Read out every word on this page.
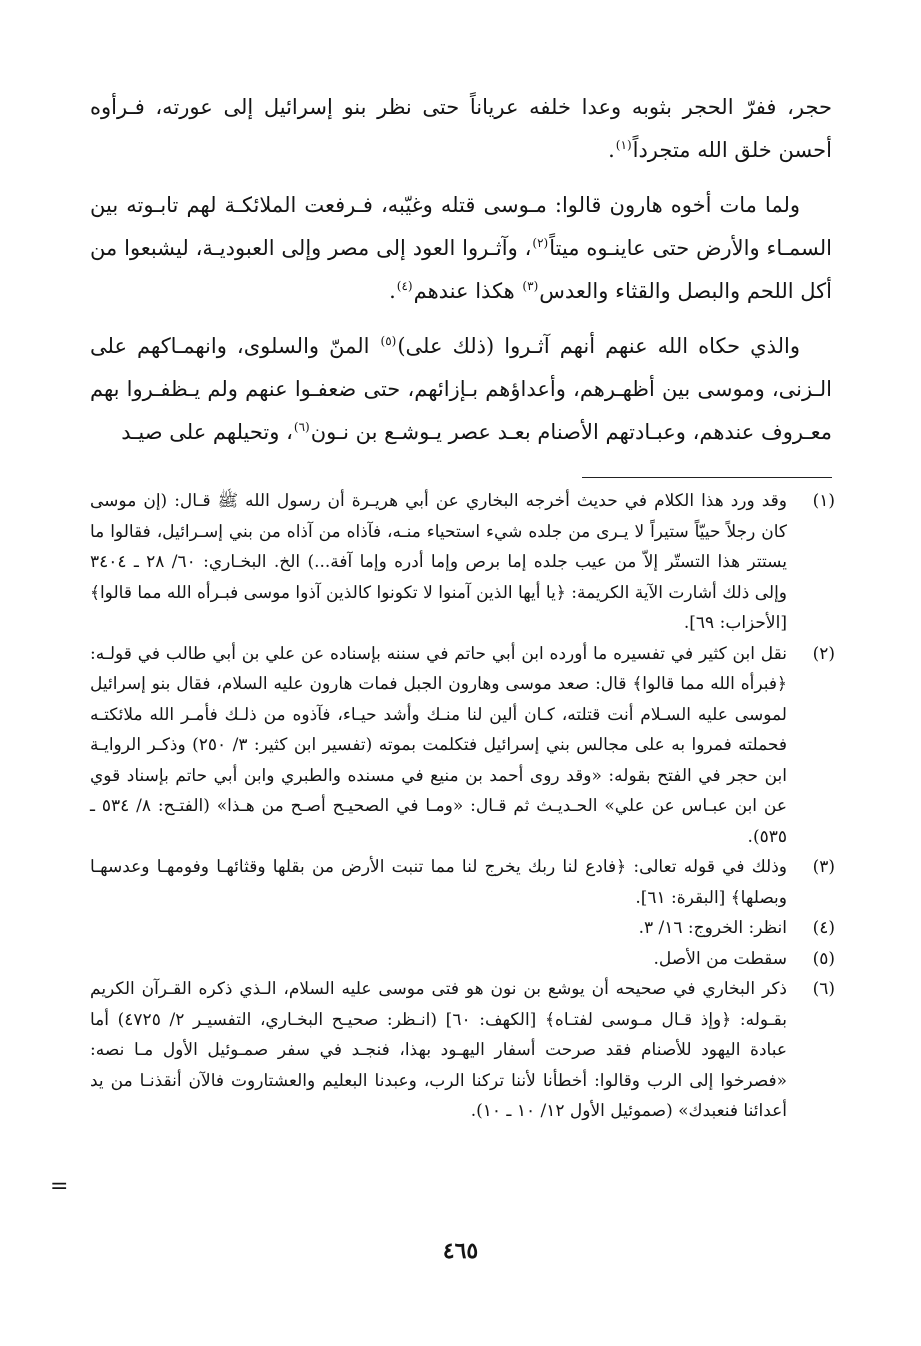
حجر، ففرّ الحجر بثوبه وعدا خلفه عرياناً حتى نظر بنو إسرائيل إلى عورته، فـرأوه أحسن خلق الله متجرداً$^{(١)}$.

ولما مات أخوه هارون قالوا: مـوسى قتله وغيّبه، فـرفعت الملائكـة لهم تابـوته بين السمـاء والأرض حتى عاينـوه ميتاً$^{(٢)}$، وآثـروا العود إلى مصر وإلى العبوديـة، ليشبعوا من أكل اللحم والبصل والقثاء والعدس$^{(٣)}$ هكذا عندهم$^{(٤)}$.

والذي حكاه الله عنهم أنهم آثـروا (ذلك على)$^{(٥)}$ المنّ والسلوى، وانهمـاكهم على الـزنى، وموسى بين أظهـرهم، وأعداؤهم بـإزائهم، حتى ضعفـوا عنهم ولم يـظفـروا بهم معـروف عندهم، وعبـادتهم الأصنام بعـد عصر يـوشـع بن نـون$^{(٦)}$، وتحيلهم على صيـد

(١)

وقد ورد هذا الكلام في حديث أخرجه البخاري عن أبي هريـرة أن رسول الله ﷺ قـال: (إن موسى كان رجلاً حييّاً ستيراً لا يـرى من جلده شيء استحياء منـه، فآذاه من آذاه من بني إسـرائيل، فقالوا ما يستتر هذا التستّر إلاّ من عيب جلده إما برص وإما أدره وإما آفة...) الخ. البخـاري: ٦٠/ ٢٨ ـ ٣٤٠٤ وإلى ذلك أشارت الآية الكريمة: ﴿يا أيها الذين آمنوا لا تكونوا كالذين آذوا موسى فبـرأه الله مما قالوا﴾ [الأحزاب: ٦٩].

(٢)

نقل ابن كثير في تفسيره ما أورده ابن أبي حاتم في سننه بإسناده عن علي بن أبي طالب في قولـه: ﴿فبرأه الله مما قالوا﴾ قال: صعد موسى وهارون الجبل فمات هارون عليه السلام، فقال بنو إسرائيل لموسى عليه السـلام أنت قتلته، كـان ألين لنا منـك وأشد حيـاء، فآذوه من ذلـك فأمـر الله ملائكتـه فحملته فمروا به على مجالس بني إسرائيل فتكلمت بموته (تفسير ابن كثير: ٣/ ٢٥٠) وذكـر الروايـة ابن حجر في الفتح بقوله: «وقد روى أحمد بن منيع في مسنده والطبري وابن أبي حاتم بإسناد قوي عن ابن عبـاس عن علي» الحـديـث ثم قـال: «ومـا في الصحيـح أصـح من هـذا» (الفتـح: ٨/ ٥٣٤ ـ ٥٣٥).

(٣)

وذلك في قوله تعالى: ﴿فادع لنا ربك يخرج لنا مما تنبت الأرض من بقلها وقثائهـا وفومهـا وعدسهـا وبصلها﴾ [البقرة: ٦١].

(٤)

انظر: الخروج: ١٦/ ٣.

(٥)

سقطت من الأصل.

(٦)

ذكر البخاري في صحيحه أن يوشع بن نون هو فتى موسى عليه السلام، الـذي ذكره القـرآن الكريم بقـوله: ﴿وإذ قـال مـوسى لفتـاه﴾ [الكهف: ٦٠] (انـظر: صحيـح البخـاري، التفسيـر ٢/ ٤٧٢٥) أما عبادة اليهود للأصنام فقد صرحت أسفار اليهـود بهذا، فنجـد في سفر صمـوئيل الأول مـا نصه: «فصرخوا إلى الرب وقالوا: أخطأنا لأننا تركنا الرب، وعبدنا البعليم والعشتاروت فالآن أنقذنـا من يد أعدائنا فنعبدك» (صموئيل الأول ١٢/ ١٠ ـ ١٠).

=
٤٦٥
